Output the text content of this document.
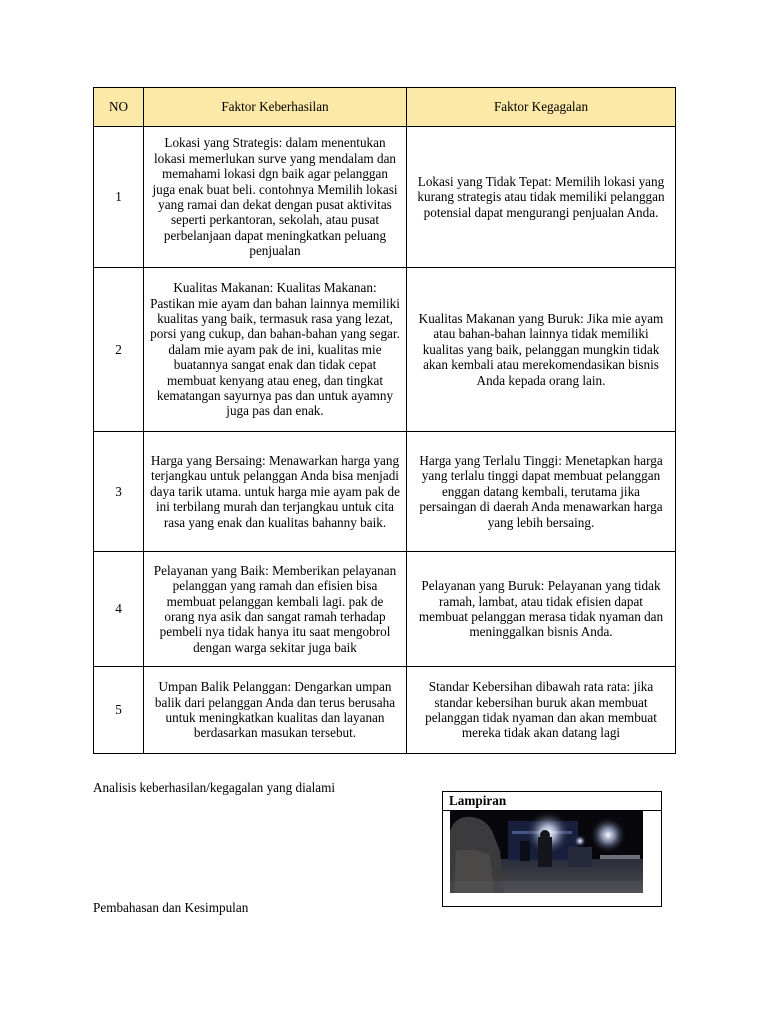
NO	Faktor Keberhasilan	Faktor Kegagalan
1	Lokasi yang Strategis: dalam menentukan lokasi memerlukan surve yang mendalam dan memahami lokasi dgn baik agar pelanggan juga enak buat beli. contohnya Memilih lokasi yang ramai dan dekat dengan pusat aktivitas seperti perkantoran, sekolah, atau pusat perbelanjaan dapat meningkatkan peluang penjualan	Lokasi yang Tidak Tepat: Memilih lokasi yang kurang strategis atau tidak memiliki pelanggan potensial dapat mengurangi penjualan Anda.
2	Kualitas Makanan: Kualitas Makanan: Pastikan mie ayam dan bahan lainnya memiliki kualitas yang baik, termasuk rasa yang lezat, porsi yang cukup, dan bahan-bahan yang segar. dalam mie ayam pak de ini, kualitas mie buatannya sangat enak dan tidak cepat membuat kenyang atau eneg, dan tingkat kematangan sayurnya pas dan untuk ayamny juga pas dan enak.	Kualitas Makanan yang Buruk: Jika mie ayam atau bahan-bahan lainnya tidak memiliki kualitas yang baik, pelanggan mungkin tidak akan kembali atau merekomendasikan bisnis Anda kepada orang lain.
3	Harga yang Bersaing: Menawarkan harga yang terjangkau untuk pelanggan Anda bisa menjadi daya tarik utama. untuk harga mie ayam pak de ini terbilang murah dan terjangkau untuk cita rasa yang enak dan kualitas bahanny baik.	Harga yang Terlalu Tinggi: Menetapkan harga yang terlalu tinggi dapat membuat pelanggan enggan datang kembali, terutama jika persaingan di daerah Anda menawarkan harga yang lebih bersaing.
4	Pelayanan yang Baik: Memberikan pelayanan pelanggan yang ramah dan efisien bisa membuat pelanggan kembali lagi. pak de orang nya asik dan sangat ramah terhadap pembeli nya tidak hanya itu saat mengobrol dengan warga sekitar juga baik	Pelayanan yang Buruk: Pelayanan yang tidak ramah, lambat, atau tidak efisien dapat membuat pelanggan merasa tidak nyaman dan meninggalkan bisnis Anda.
5	Umpan Balik Pelanggan: Dengarkan umpan balik dari pelanggan Anda dan terus berusaha untuk meningkatkan kualitas dan layanan berdasarkan masukan tersebut.	Standar Kebersihan dibawah rata rata: jika standar kebersihan buruk akan membuat pelanggan tidak nyaman dan akan membuat mereka tidak akan datang lagi
Analisis keberhasilan/kegagalan yang dialami
Lampiran
Pembahasan dan Kesimpulan
